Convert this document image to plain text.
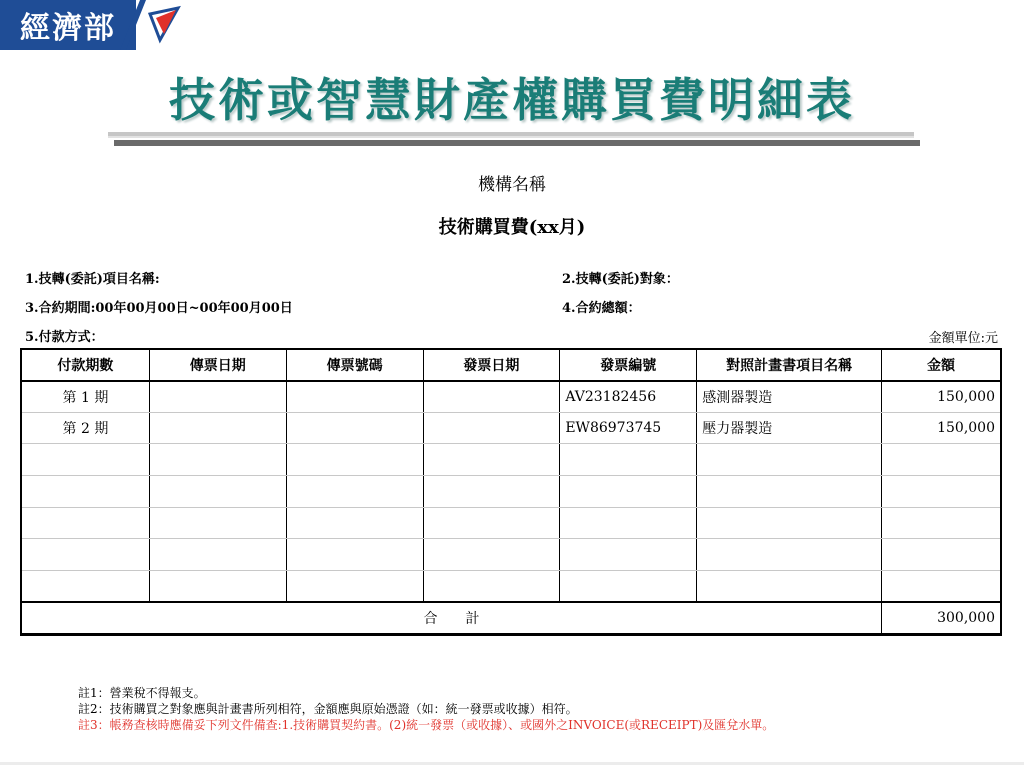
經濟部
技術或智慧財產權購買費明細表
機構名稱
技術購買費(xx月)
1.技轉(委託)項目名稱:	2.技轉(委託)對象：
3.合約期間:00年00月00日~00年00月00日	4.合約總額：
5.付款方式：	金額單位:元
付款期數	傳票日期	傳票號碼	發票日期	發票編號	對照計畫書項目名稱	金額
第 1 期				AV23182456	感測器製造	150,000
第 2 期				EW86973745	壓力器製造	150,000

合　　計						300,000
註1：營業稅不得報支。
註2：技術購買之對象應與計畫書所列相符，金額應與原始憑證（如：統一發票或收據）相符。
註3：帳務查核時應備妥下列文件備查:1.技術購買契約書。(2)統一發票（或收據）、或國外之INVOICE(或RECEIPT)及匯兌水單。
